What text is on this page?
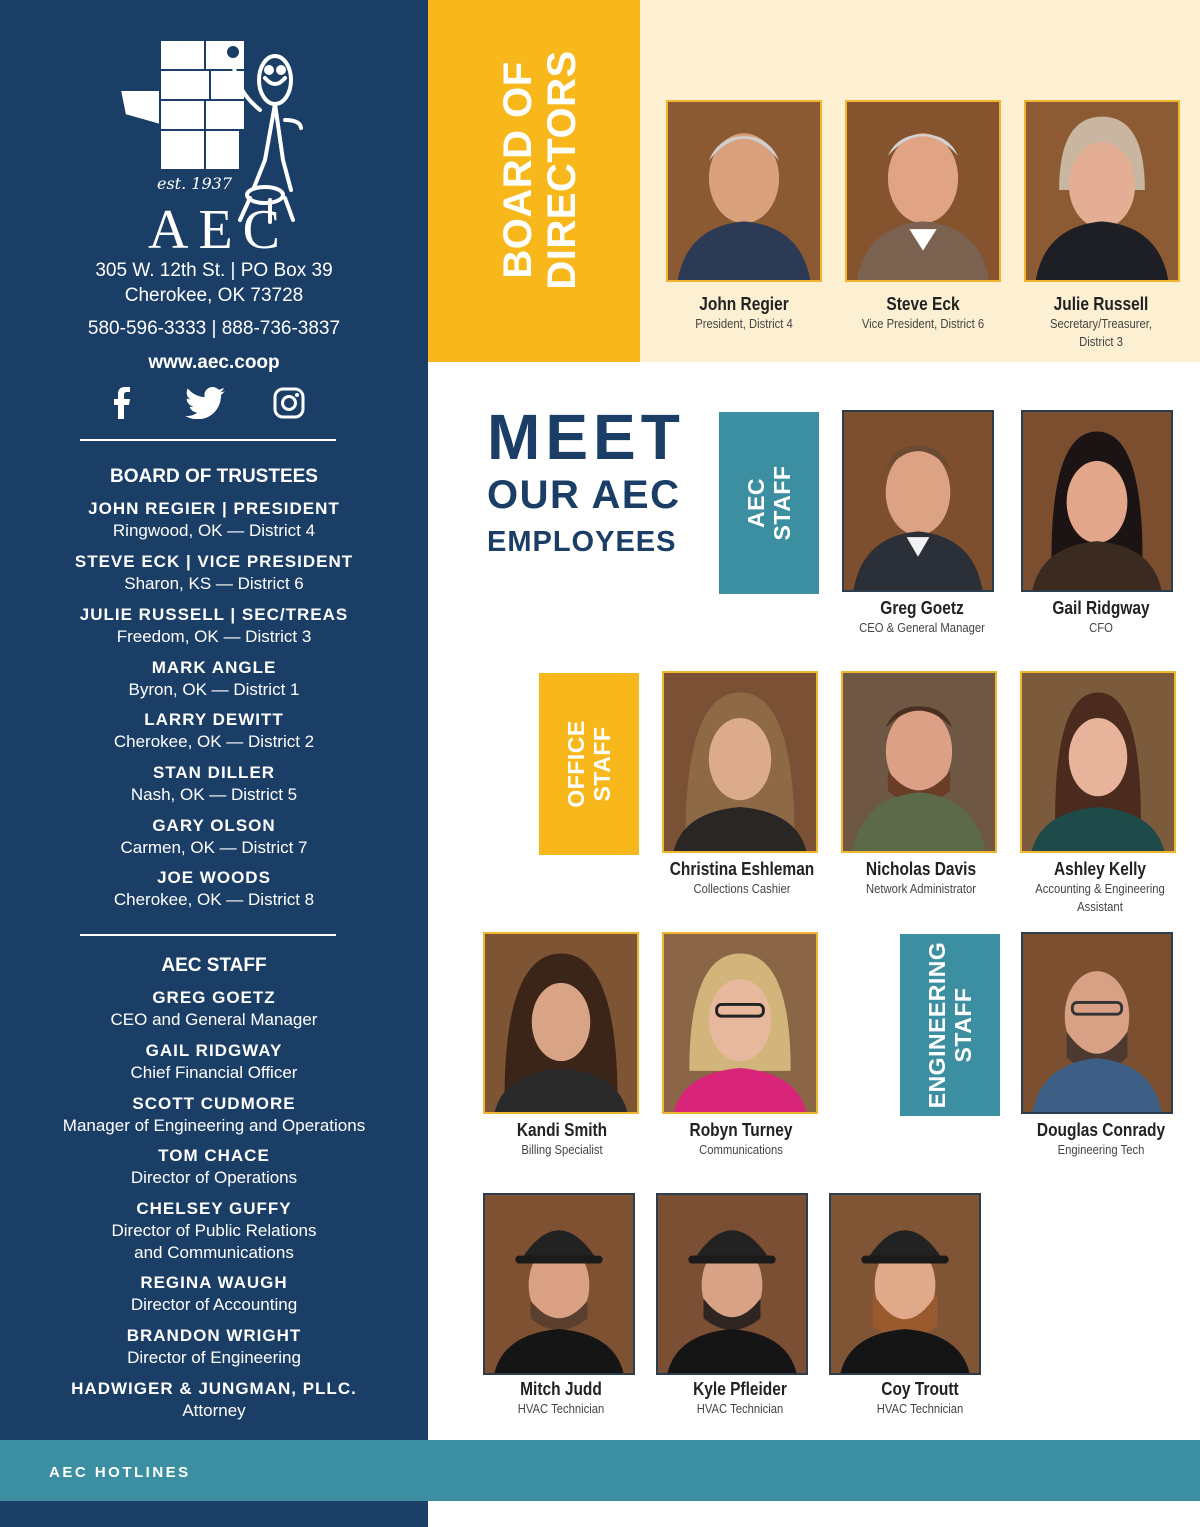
est. 1937
AEC
305 W. 12th St. | PO Box 39
Cherokee, OK 73728
580-596-3333 | 888-736-3837
www.aec.coop
BOARD OF TRUSTEES
JOHN REGIER | PRESIDENT
Ringwood, OK — District 4
STEVE ECK | VICE PRESIDENT
Sharon, KS — District 6
JULIE RUSSELL | SEC/TREAS
Freedom, OK — District 3
MARK ANGLE
Byron, OK — District 1
LARRY DEWITT
Cherokee, OK — District 2
STAN DILLER
Nash, OK — District 5
GARY OLSON
Carmen, OK — District 7
JOE WOODS
Cherokee, OK — District 8
AEC STAFF
GREG GOETZ
CEO and General Manager
GAIL RIDGWAY
Chief Financial Officer
SCOTT CUDMORE
Manager of Engineering and Operations
TOM CHACE
Director of Operations
CHELSEY GUFFY
Director of Public Relations
and Communications
REGINA WAUGH
Director of Accounting
BRANDON WRIGHT
Director of Engineering
HADWIGER & JUNGMAN, PLLC.
Attorney
BOARD OF DIRECTORS
John Regier
President, District 4
Steve Eck
Vice President, District 6
Julie Russell
Secretary/Treasurer,
District 3
MEET
OUR AEC
EMPLOYEES
AEC STAFF
Greg Goetz
CEO & General Manager
Gail Ridgway
CFO
OFFICE STAFF
Christina Eshleman
Collections Cashier
Nicholas Davis
Network Administrator
Ashley Kelly
Accounting & Engineering
Assistant
Kandi Smith
Billing Specialist
Robyn Turney
Communications
ENGINEERING STAFF
Douglas Conrady
Engineering Tech
Mitch Judd
HVAC Technician
Kyle Pfleider
HVAC Technician
Coy Troutt
HVAC Technician
AEC HOTLINES
